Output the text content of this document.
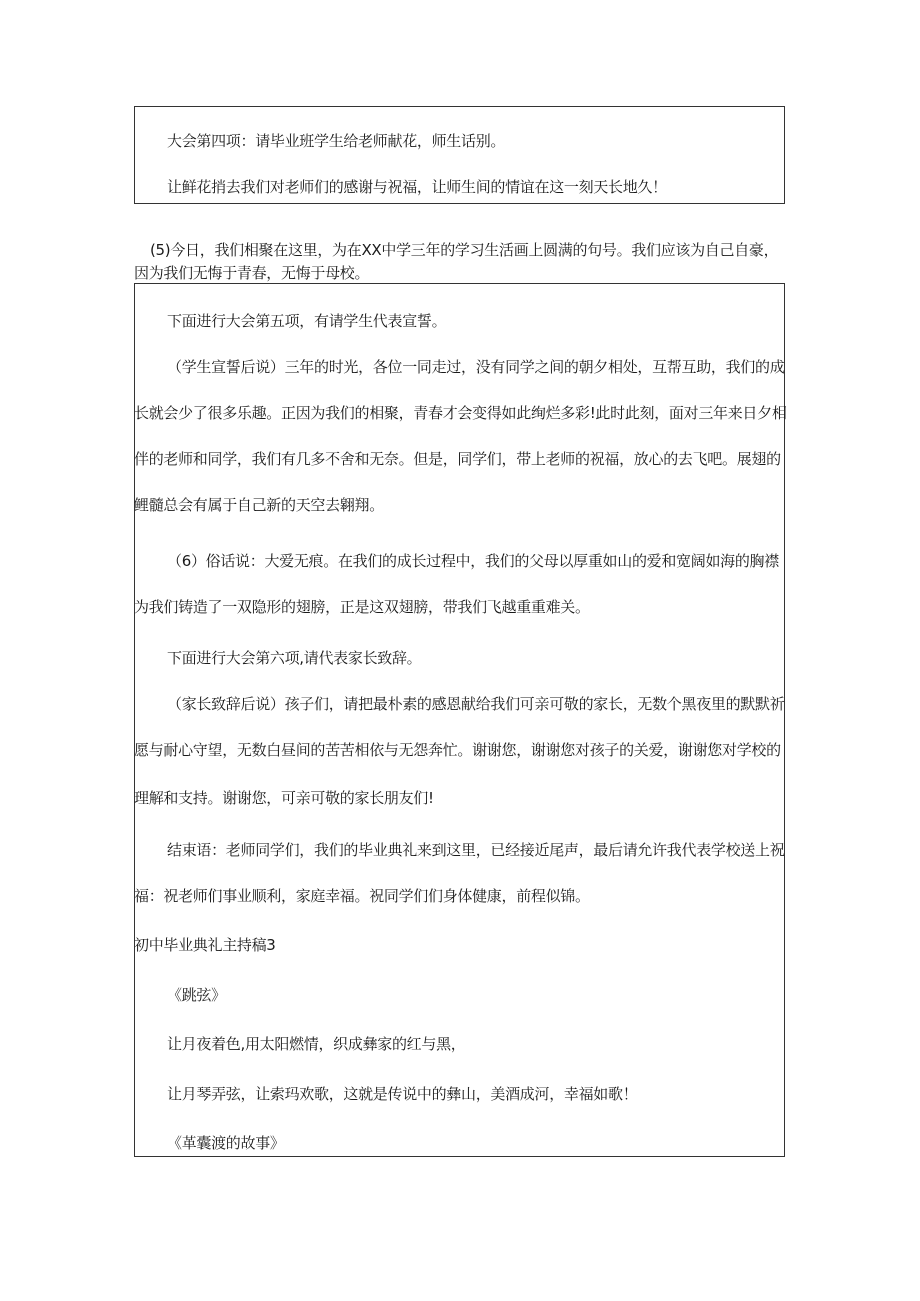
大会第四项：请毕业班学生给老师献花，师生话别。
让鲜花捎去我们对老师们的感谢与祝福，让师生间的情谊在这一刻天长地久！
(5)今日，我们相聚在这里，为在XX中学三年的学习生活画上圆满的句号。我们应该为自己自豪，
因为我们无悔于青春，无悔于母校。
下面进行大会第五项，有请学生代表宣誓。
（学生宣誓后说）三年的时光，各位一同走过，没有同学之间的朝夕相处，互帮互助，我们的成
长就会少了很多乐趣。正因为我们的相聚，青春才会变得如此绚烂多彩!此时此刻，面对三年来日夕相
伴的老师和同学，我们有几多不舍和无奈。但是，同学们，带上老师的祝福，放心的去飞吧。展翅的
鲤髓总会有属于自己新的天空去翱翔。
（6）俗话说：大爱无痕。在我们的成长过程中，我们的父母以厚重如山的爱和宽阔如海的胸襟
为我们铸造了一双隐形的翅膀，正是这双翅膀，带我们飞越重重难关。
下面进行大会第六项,请代表家长致辞。
（家长致辞后说）孩子们，请把最朴素的感恩献给我们可亲可敬的家长，无数个黑夜里的默默祈
愿与耐心守望，无数白昼间的苦苦相依与无怨奔忙。谢谢您，谢谢您对孩子的关爱，谢谢您对学校的
理解和支持。谢谢您，可亲可敬的家长朋友们!
结束语：老师同学们，我们的毕业典礼来到这里，已经接近尾声，最后请允许我代表学校送上祝
福：祝老师们事业顺利，家庭幸福。祝同学们们身体健康，前程似锦。
初中毕业典礼主持稿3
《跳弦》
让月夜着色,用太阳燃情，织成彝家的红与黑，
让月琴弄弦，让索玛欢歌，这就是传说中的彝山，美酒成河，幸福如歌！
《革囊渡的故事》
